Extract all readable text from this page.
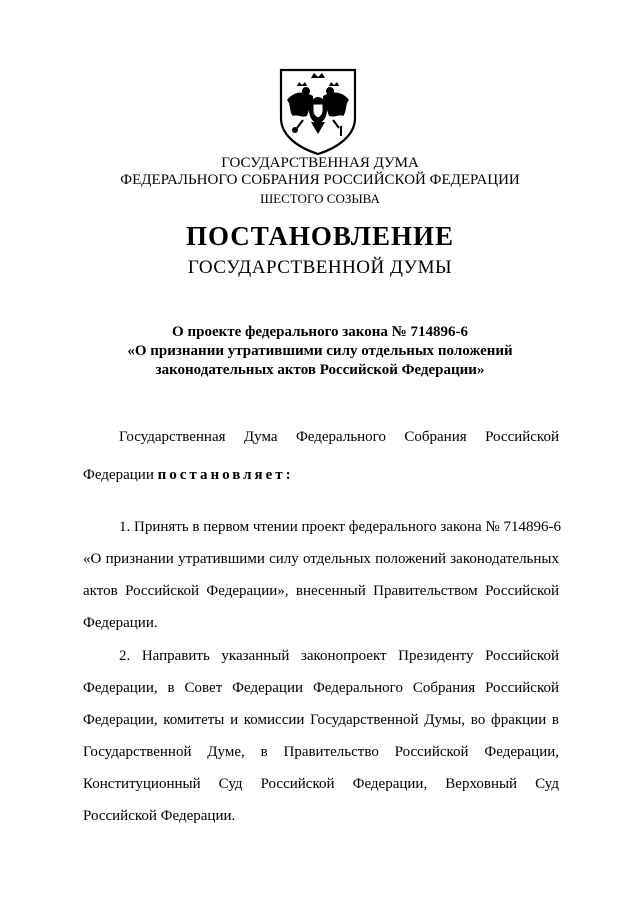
ГОСУДАРСТВЕННАЯ ДУМА
ФЕДЕРАЛЬНОГО СОБРАНИЯ РОССИЙСКОЙ ФЕДЕРАЦИИ
ШЕСТОГО СОЗЫВА
ПОСТАНОВЛЕНИЕ
ГОСУДАРСТВЕННОЙ ДУМЫ
О проекте федерального закона № 714896-6
«О признании утратившими силу отдельных положений
законодательных актов Российской Федерации»
Государственная Дума Федерального Собрания Российской
Федерации постановляет:
1. Принять в первом чтении проект федерального закона № 714896-6
«О признании утратившими силу отдельных положений законодательных
актов Российской Федерации», внесенный Правительством Российской
Федерации.
2. Направить указанный законопроект Президенту Российской
Федерации, в Совет Федерации Федерального Собрания Российской
Федерации, комитеты и комиссии Государственной Думы, во фракции в
Государственной Думе, в Правительство Российской Федерации,
Конституционный Суд Российской Федерации, Верховный Суд
Российской Федерации.
